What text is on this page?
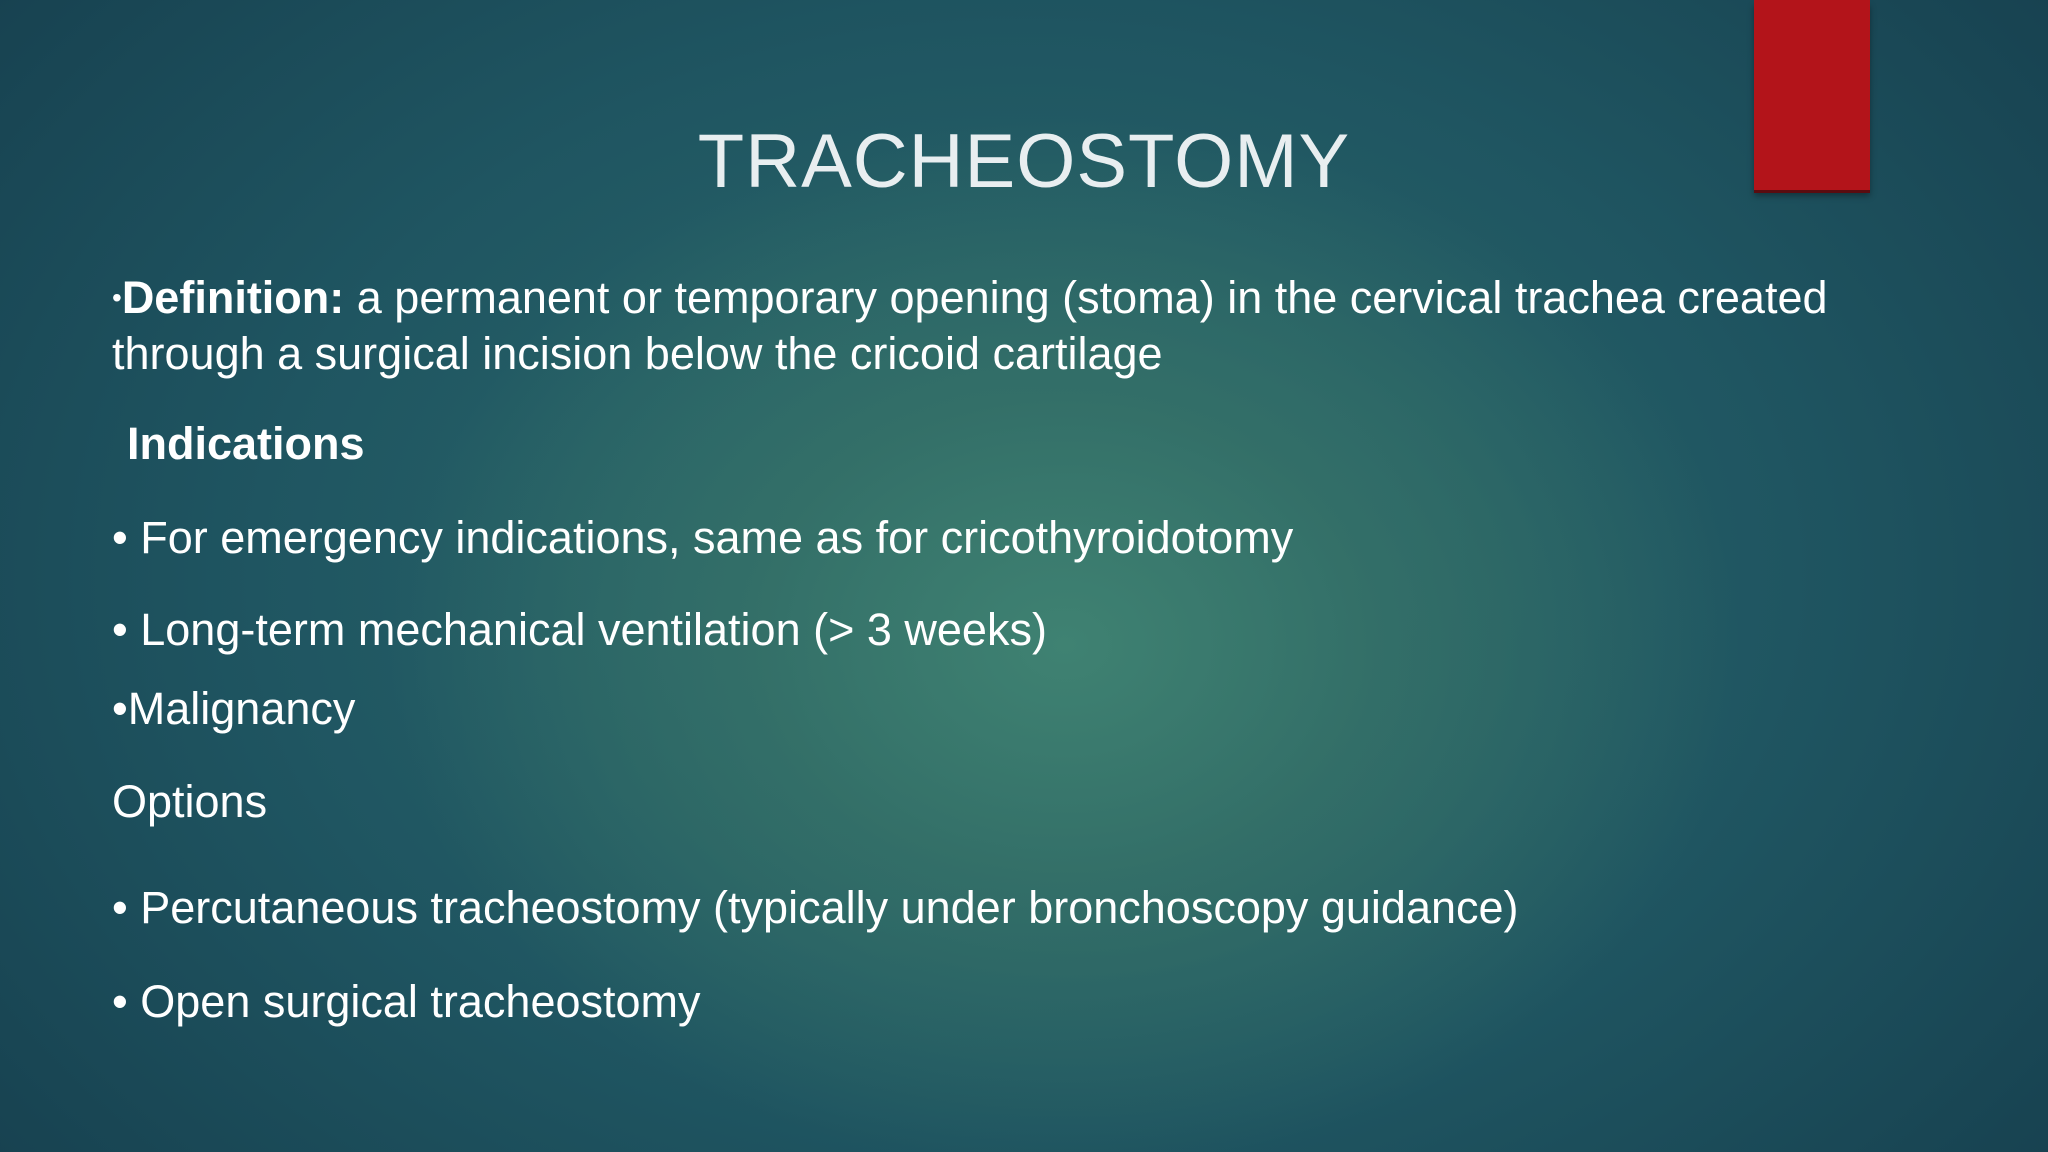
TRACHEOSTOMY

•Definition: a permanent or temporary opening (stoma) in the cervical trachea created through a surgical incision below the cricoid cartilage

Indications

• For emergency indications, same as for cricothyroidotomy

• Long-term mechanical ventilation (> 3 weeks)

•Malignancy

Options

• Percutaneous tracheostomy (typically under bronchoscopy guidance)

• Open surgical tracheostomy
